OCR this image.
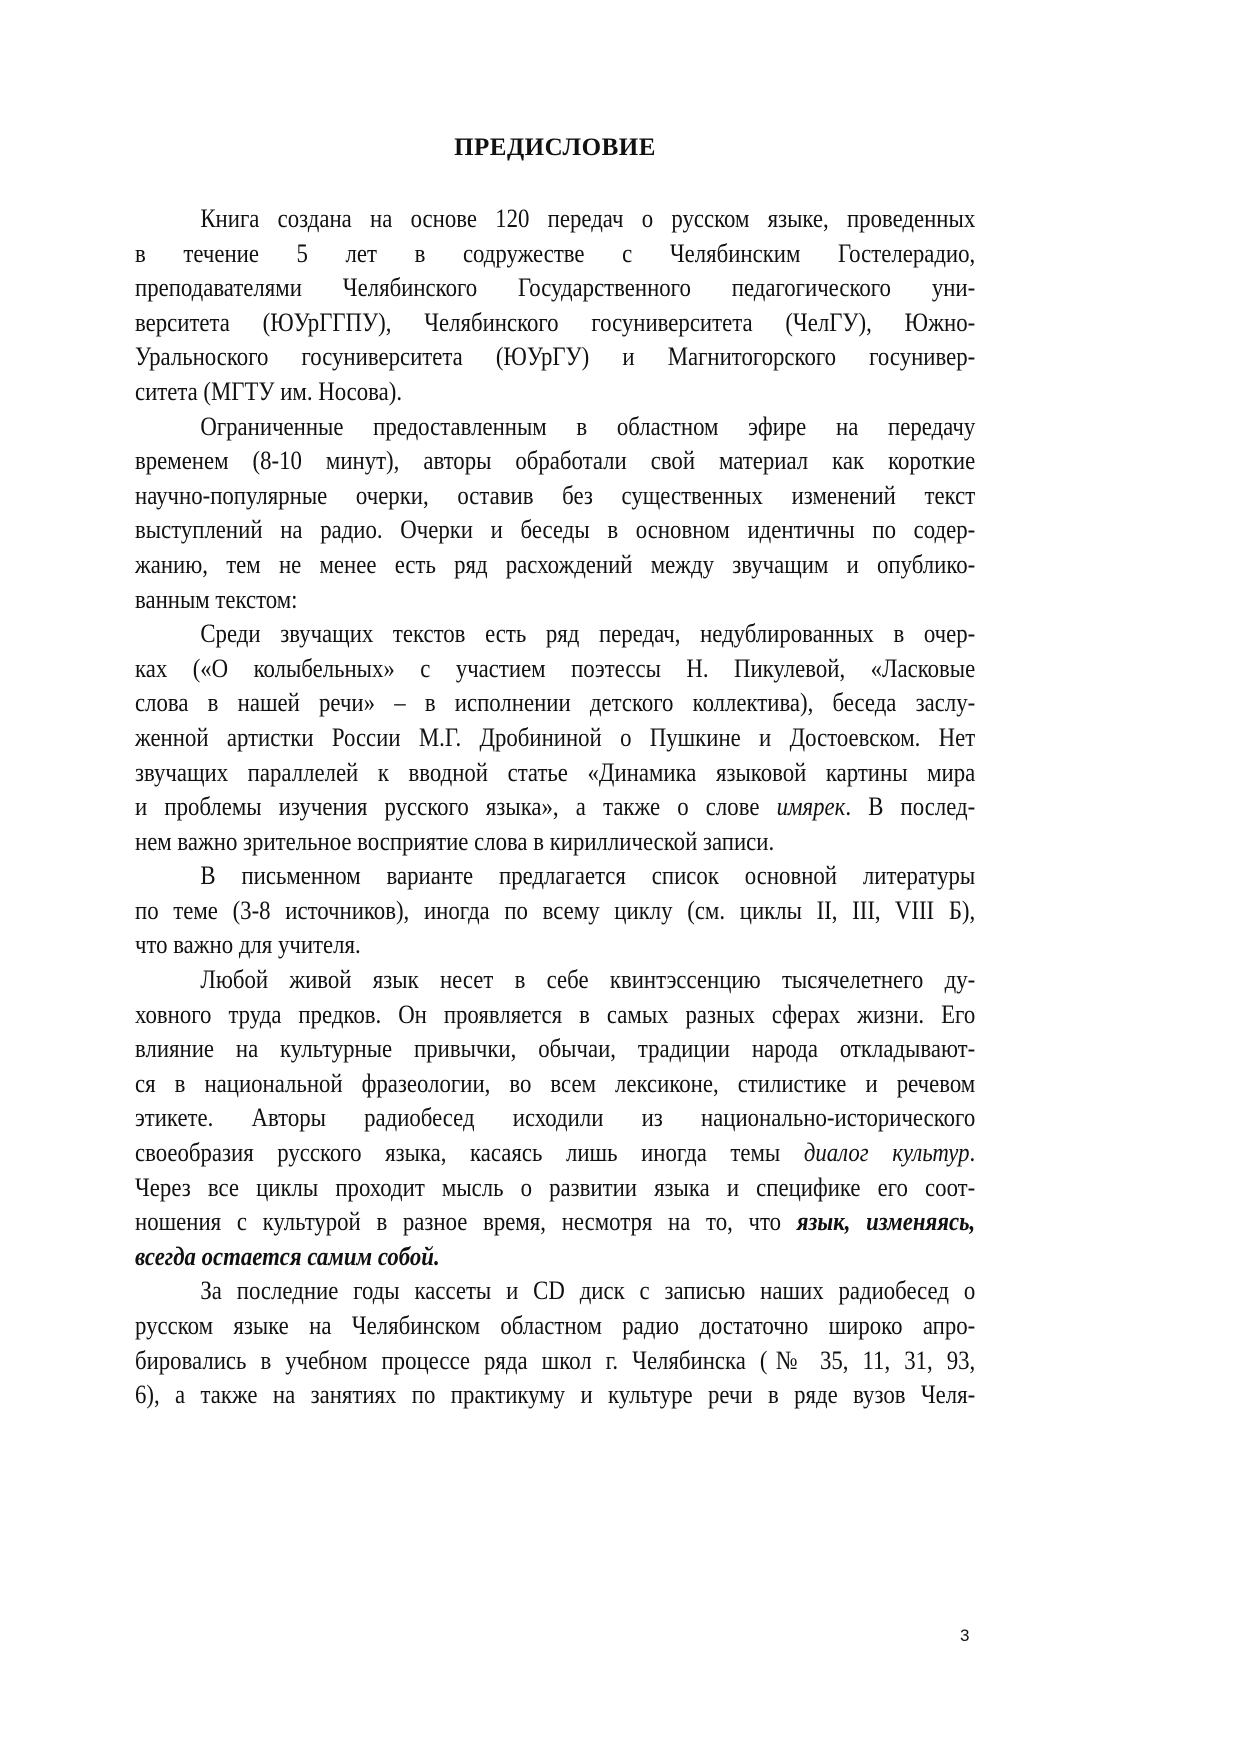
ПРЕДИСЛОВИЕ
Книга создана на основе 120 передач о русском языке, проведенных
в течение 5 лет в содружестве с Челябинским Гостелерадио,
преподавателями Челябинского Государственного педагогического уни-
верситета (ЮУрГГПУ), Челябинского госуниверситета (ЧелГУ), Южно-
Уральноского госуниверситета (ЮУрГУ) и Магнитогорского госунивер-
ситета (МГТУ им. Носова).
Ограниченные предоставленным в областном эфире на передачу
временем (8-10 минут), авторы обработали свой материал как короткие
научно-популярные очерки, оставив без существенных изменений текст
выступлений на радио. Очерки и беседы в основном идентичны по содер-
жанию, тем не менее есть ряд расхождений между звучащим и опублико-
ванным текстом:
Среди звучащих текстов есть ряд передач, недублированных в очер-
ках («О колыбельных» с участием поэтессы Н. Пикулевой, «Ласковые
слова в нашей речи» – в исполнении детского коллектива), беседа заслу-
женной артистки России М.Г. Дробининой о Пушкине и Достоевском. Нет
звучащих параллелей к вводной статье «Динамика языковой картины мира
и проблемы изучения русского языка», а также о слове имярек. В послед-
нем важно зрительное восприятие слова в кириллической записи.
В письменном варианте предлагается список основной литературы
по теме (3-8 источников), иногда по всему циклу (см. циклы II, III, VIII Б),
что важно для учителя.
Любой живой язык несет в себе квинтэссенцию тысячелетнего ду-
ховного труда предков. Он проявляется в самых разных сферах жизни. Его
влияние на культурные привычки, обычаи, традиции народа откладывают-
ся в национальной фразеологии, во всем лексиконе, стилистике и речевом
этикете. Авторы радиобесед исходили из национально-исторического
своеобразия русского языка, касаясь лишь иногда темы диалог культур.
Через все циклы проходит мысль о развитии языка и специфике его соот-
ношения с культурой в разное время, несмотря на то, что язык, изменяясь,
всегда остается самим собой.
За последние годы кассеты и CD диск с записью наших радиобесед о
русском языке на Челябинском областном радио достаточно широко апро-
бировались в учебном процессе ряда школ г. Челябинска (№ 35, 11, 31, 93,
6), а также на занятиях по практикуму и культуре речи в ряде вузов Челя-
3
